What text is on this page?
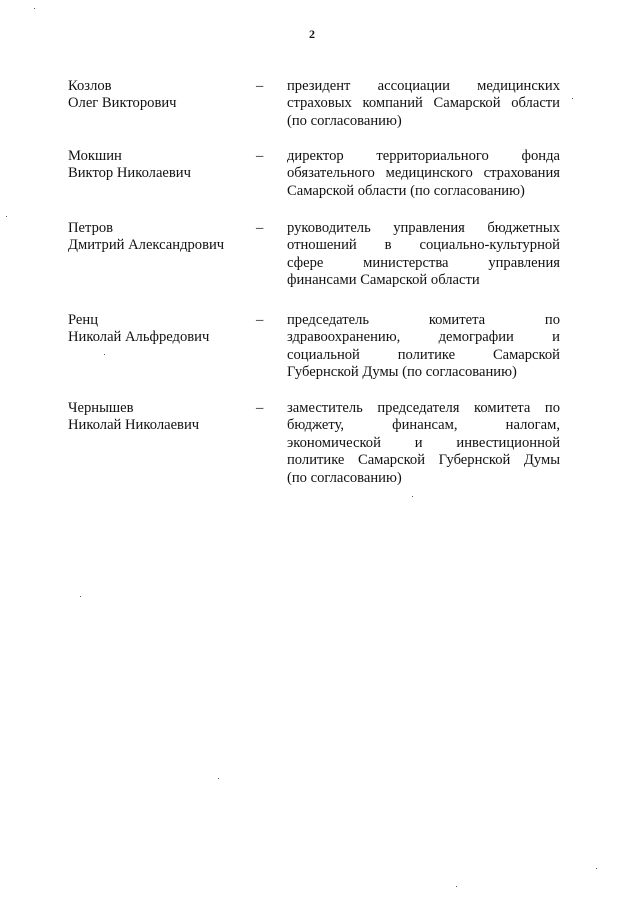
2
Козлов
Олег Викторович
– президент ассоциации медицинских
страховых компаний Самарской области
(по согласованию)
Мокшин
Виктор Николаевич
– директор территориального фонда
обязательного медицинского страхования
Самарской области (по согласованию)
Петров
Дмитрий Александрович
– руководитель управления бюджетных
отношений в социально-культурной
сфере министерства управления
финансами Самарской области
Ренц
Николай Альфредович
– председатель комитета по
здравоохранению, демографии и
социальной политике Самарской
Губернской Думы (по согласованию)
Чернышев
Николай Николаевич
– заместитель председателя комитета по
бюджету, финансам, налогам,
экономической и инвестиционной
политике Самарской Губернской Думы
(по согласованию)
